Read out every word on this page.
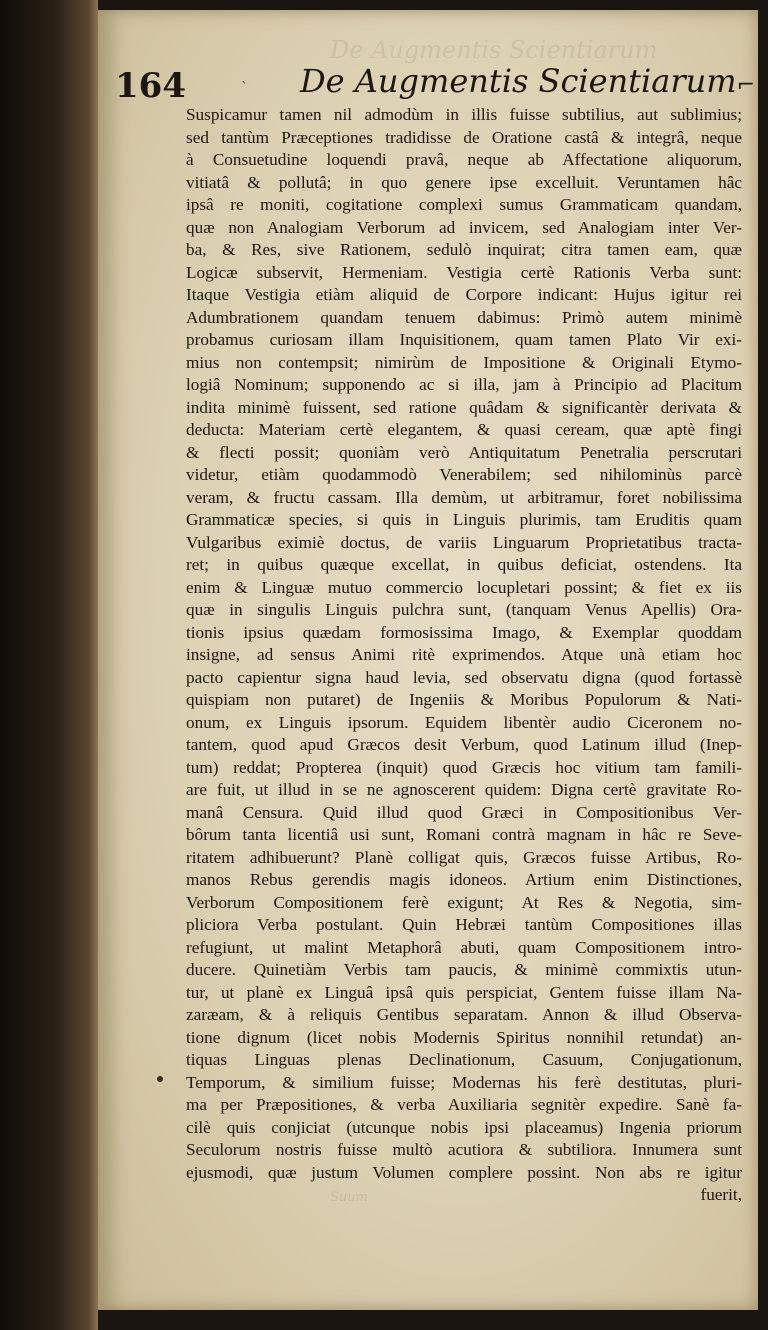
De Augmentis Scientiarum
Suum
164	ˋ De Augmentis Scientiarum⌐
Suspicamur tamen nil admodùm in illis fuisse subtilius, aut sublimius;
sed tantùm Præceptiones tradidisse de Oratione castâ & integrâ, neque
à Consuetudine loquendi pravâ, neque ab Affectatione aliquorum,
vitiatâ & pollutâ; in quo genere ipse excelluit. Veruntamen hâc
ipsâ re moniti, cogitatione complexi sumus Grammaticam quandam,
quæ non Analogiam Verborum ad invicem, sed Analogiam inter Ver-
ba, & Res, sive Rationem, sedulò inquirat; citra tamen eam, quæ
Logicæ subservit, Hermeniam. Vestigia certè Rationis Verba sunt:
Itaque Vestigia etiàm aliquid de Corpore indicant: Hujus igitur rei
Adumbrationem quandam tenuem dabimus: Primò autem minimè
probamus curiosam illam Inquisitionem, quam tamen Plato Vir exi-
mius non contempsit; nimirùm de Impositione & Originali Etymo-
logiâ Nominum; supponendo ac si illa, jam à Principio ad Placitum
indita minimè fuissent, sed ratione quâdam & significantèr derivata &
deducta: Materiam certè elegantem, & quasi ceream, quæ aptè fingi
& flecti possit; quoniàm verò Antiquitatum Penetralia perscrutari
videtur, etiàm quodammodò Venerabilem; sed nihilominùs parcè
veram, & fructu cassam. Illa demùm, ut arbitramur, foret nobilissima
Grammaticæ species, si quis in Linguis plurimis, tam Eruditis quam
Vulgaribus eximiè doctus, de variis Linguarum Proprietatibus tracta-
ret; in quibus quæque excellat, in quibus deficiat, ostendens. Ita
enim & Linguæ mutuo commercio locupletari possint; & fiet ex iis
quæ in singulis Linguis pulchra sunt, (tanquam Venus Apellis) Ora-
tionis ipsius quædam formosissima Imago, & Exemplar quoddam
insigne, ad sensus Animi ritè exprimendos. Atque unà etiam hoc
pacto capientur signa haud levia, sed observatu digna (quod fortassè
quispiam non putaret) de Ingeniis & Moribus Populorum & Nati-
onum, ex Linguis ipsorum. Equidem libentèr audio Ciceronem no-
tantem, quod apud Græcos desit Verbum, quod Latinum illud (Inep-
tum) reddat; Propterea (inquit) quod Græcis hoc vitium tam famili-
are fuit, ut illud in se ne agnoscerent quidem: Digna certè gravitate Ro-
manâ Censura. Quid illud quod Græci in Compositionibus Ver-
bôrum tanta licentiâ usi sunt, Romani contrà magnam in hâc re Seve-
ritatem adhibuerunt? Planè colligat quis, Græcos fuisse Artibus, Ro-
manos Rebus gerendis magis idoneos. Artium enim Distinctiones,
Verborum Compositionem ferè exigunt; At Res & Negotia, sim-
pliciora Verba postulant. Quin Hebræi tantùm Compositiones illas
refugiunt, ut malint Metaphorâ abuti, quam Compositionem intro-
ducere. Quinetiàm Verbis tam paucis, & minimè commixtis utun-
tur, ut planè ex Linguâ ipsâ quis perspiciat, Gentem fuisse illam Na-
zaræam, & à reliquis Gentibus separatam. Annon & illud Observa-
tione dignum (licet nobis Modernis Spiritus nonnihil retundat) an-
tiquas Linguas plenas Declinationum, Casuum, Conjugationum,
Temporum, & similium fuisse; Modernas his ferè destitutas, pluri-
ma per Præpositiones, & verba Auxiliaria segnitèr expedire. Sanè fa-
cilè quis conjiciat (utcunque nobis ipsi placeamus) Ingenia priorum
Seculorum nostris fuisse multò acutiora & subtiliora. Innumera sunt
ejusmodi, quæ justum Volumen complere possint. Non abs re igitur
fuerit,
